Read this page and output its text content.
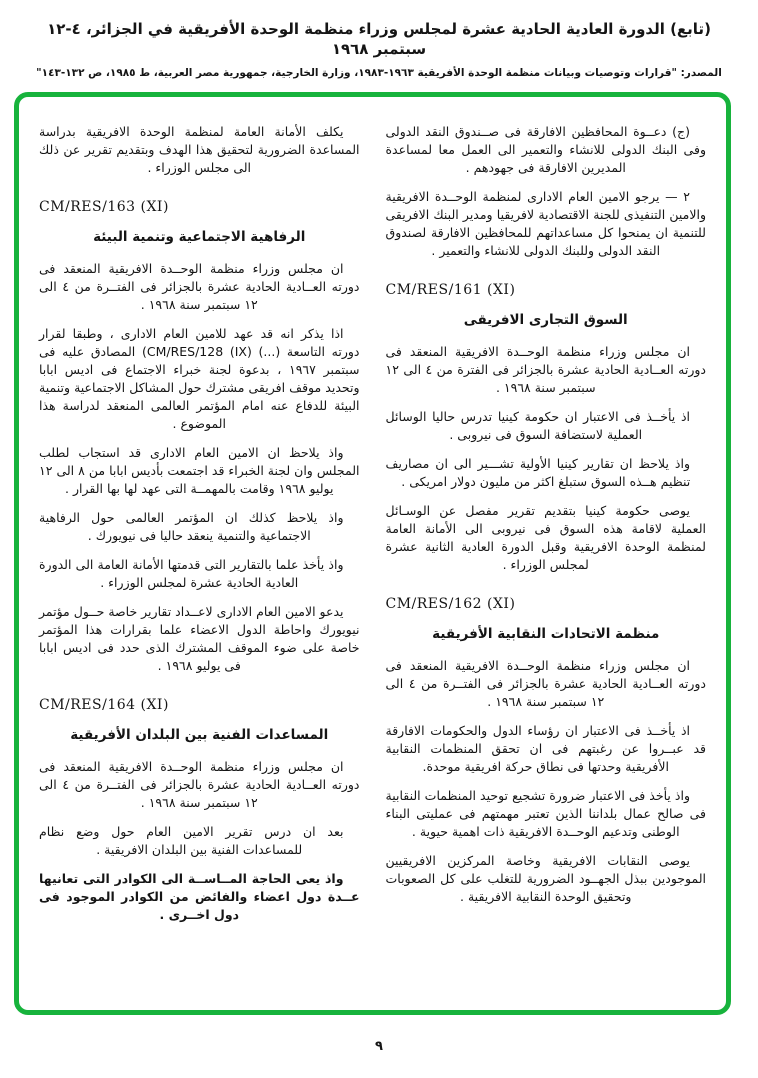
(تابع) الدورة العادية الحادية عشرة لمجلس وزراء منظمة الوحدة الأفريقية في الجزائر، ٤-١٢ سبتمبر ١٩٦٨
المصدر: "قرارات وتوصيات وبيانات منظمة الوحدة الأفريقية ١٩٦٣-١٩٨٣، وزارة الخارجية، جمهورية مصر العربية، ط ١٩٨٥، ص ١٣٢-١٤٣"
(ج) دعــوة المحافظين الافارقة فى صــندوق النقد الدولى وفى البنك الدولى للانشاء والتعمير الى العمل معا لمساعدة المديرين الافارقة فى جهودهم .
٢ — يرجو الامين العام الادارى لمنظمة الوحــدة الافريقية والامين التنفيذى للجنة الاقتصادية لافريقيا ومدير البنك الافريقى للتنمية ان يمنحوا كل مساعداتهم للمحافظين الافارقة لصندوق النقد الدولى وللبنك الدولى للانشاء والتعمير .
CM/RES/161 (XI)
السوق التجارى الافريقى
ان مجلس وزراء منظمة الوحــدة الافريقية المنعقد فى دورته العــادية الحادية عشرة بالجزائر فى الفترة من ٤ الى ١٢ سبتمبر سنة ١٩٦٨ .
اذ يأخــذ فى الاعتبار ان حكومة كينيا تدرس حاليا الوسائل العملية لاستضافة السوق فى نيروبى .
واذ يلاحظ ان تقارير كينيا الأولية تشـــير الى ان مصاريف تنظيم هــذه السوق ستبلغ اكثر من مليون دولار امريكى .
يوصى حكومة كينيا بتقديم تقرير مفصل عن الوسـائل العملية لاقامة هذه السوق فى نيروبى الى الأمانة العامة لمنظمة الوحدة الافريقية وقبل الدورة العادية الثانية عشرة لمجلس الوزراء .
CM/RES/162 (XI)
منظمة الاتحادات النقابية الأفريقية
ان مجلس وزراء منظمة الوحــدة الافريقية المنعقد فى دورته العــادية الحادية عشرة بالجزائر فى الفتــرة من ٤ الى ١٢ سبتمبر سنة ١٩٦٨ .
اذ يأخــذ فى الاعتبار ان رؤساء الدول والحكومات الافارقة قد عبــروا عن رغبتهم فى ان تحقق المنظمات النقابية الأفريقية وحدتها فى نطاق حركة افريقية موحدة.
واذ يأخذ فى الاعتبار ضرورة تشجيع توحيد المنظمات النقابية فى صالح عمال بلداننا الذين تعتبر مهمتهم فى عمليتى البناء الوطنى وتدعيم الوحــدة الافريقية ذات اهمية حيوية .
يوصى النقابات الافريقية وخاصة المركزين الافريقيين الموجودين ببذل الجهــود الضرورية للتغلب على كل الصعوبات وتحقيق الوحدة النقابية الافريقية .
يكلف الأمانة العامة لمنظمة الوحدة الافريقية بدراسة المساعدة الضرورية لتحقيق هذا الهدف وبتقديم تقرير عن ذلك الى مجلس الوزراء .
CM/RES/163 (XI)
الرفاهية الاجتماعية وتنمية البيئة
ان مجلس وزراء منظمة الوحــدة الافريقية المنعقد فى دورته العــادية الحادية عشرة بالجزائر فى الفتــرة من ٤ الى ١٢ سبتمبر سنة ١٩٦٨ .
اذا يذكر انه قد عهد للامين العام الادارى ، وطبقا لقرار دورته التاسعة (...) ⁦(CM/RES/128 (IX)⁩ المصادق عليه فى سبتمبر ١٩٦٧ ، بدعوة لجنة خبراء الاجتماع فى اديس ابابا وتحديد موقف افريقى مشترك حول المشاكل الاجتماعية وتنمية البيئة للدفاع عنه امام المؤتمر العالمى المنعقد لدراسة هذا الموضوع .
واذ يلاحظ ان الامين العام الادارى قد استجاب لطلب المجلس وان لجنة الخبراء قد اجتمعت بأديس ابابا من ٨ الى ١٢ يوليو ١٩٦٨ وقامت بالمهمــة التى عهد لها بها القرار .
واذ يلاحظ كذلك ان المؤتمر العالمى حول الرفاهية الاجتماعية والتنمية ينعقد حاليا فى نيويورك .
واذ يأخذ علما بالتقارير التى قدمتها الأمانة العامة الى الدورة العادية الحادية عشرة لمجلس الوزراء .
يدعو الامين العام الادارى لاعــداد تقارير خاصة حــول مؤتمر نيويورك واحاطة الدول الاعضاء علما بقرارات هذا المؤتمر خاصة على ضوء الموقف المشترك الذى حدد فى اديس ابابا فى يوليو ١٩٦٨ .
CM/RES/164 (XI)
المساعدات الفنية بين البلدان الأفريقية
ان مجلس وزراء منظمة الوحــدة الافريقية المنعقد فى دورته العــادية الحادية عشرة بالجزائر فى الفتــرة من ٤ الى ١٢ سبتمبر سنة ١٩٦٨ .
بعد ان درس تقرير الامين العام حول وضع نظام للمساعدات الفنية بين البلدان الافريقية .
واذ يعى الحاجة المــاســة الى الكوادر التى تعانيها عــدة دول اعضاء والفائض من الكوادر الموجود فى دول اخــرى .
٩
